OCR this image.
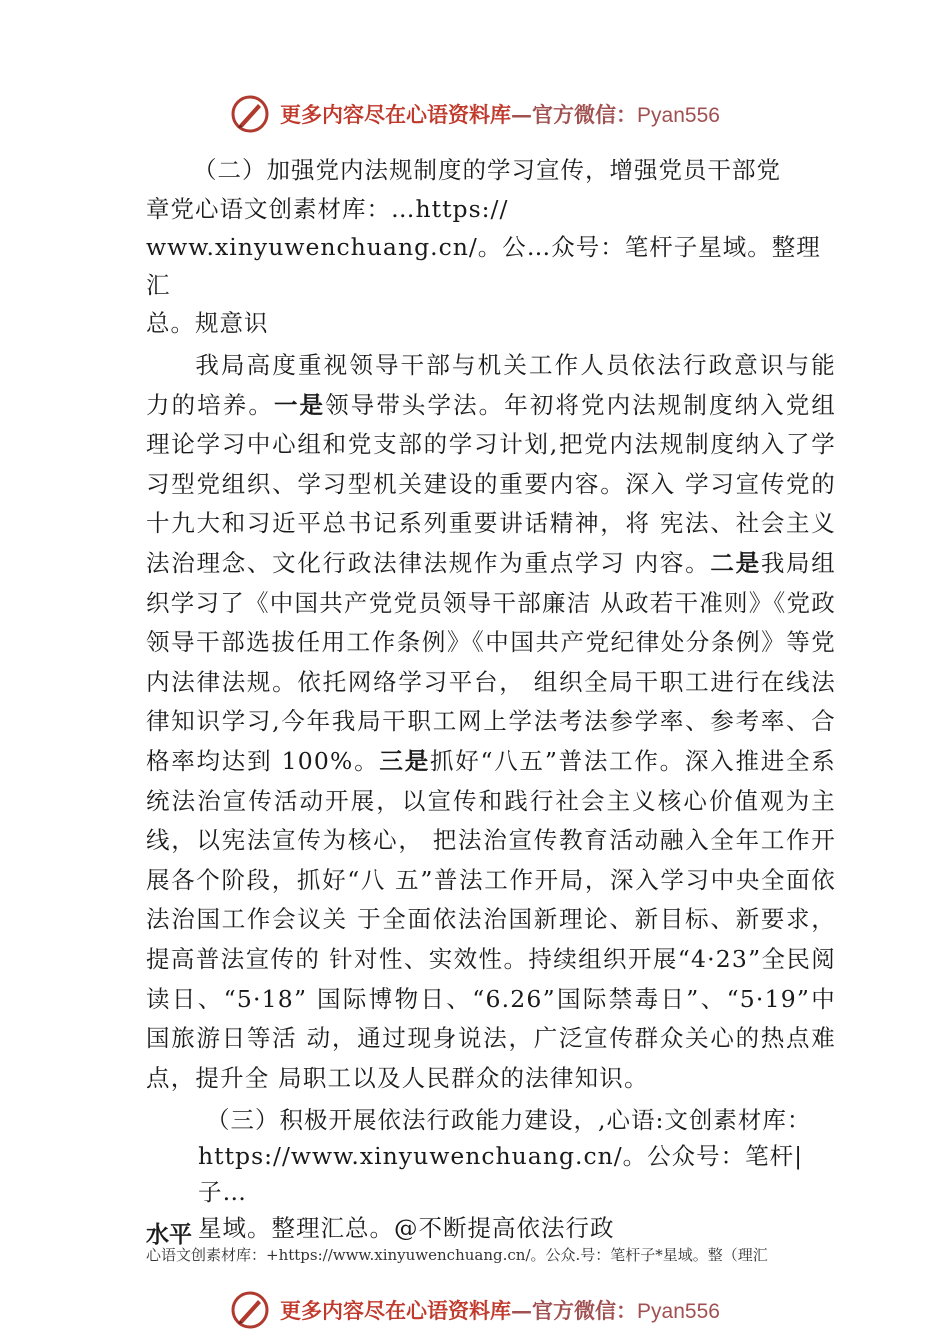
更多内容尽在心语资料库—官方微信：Pyan556
（二）加强党内法规制度的学习宣传，增强党员干部党
章党心语文创素材库：…https://
www.xinyuwenchuang.cn/。公…众号：笔杆子星域。整理汇
总。规意识
我局高度重视领导干部与机关工作人员依法行政意识与能力的培养。一是领导带头学法。年初将党内法规制度纳入党组理论学习中心组和党支部的学习计划,把党内法规制度纳入了学习型党组织、学习型机关建设的重要内容。深入 学习宣传党的十九大和习近平总书记系列重要讲话精神，将 宪法、社会主义法治理念、文化行政法律法规作为重点学习 内容。二是我局组织学习了《中国共产党党员领导干部廉洁 从政若干准则》《党政领导干部选拔任用工作条例》《中国共产党纪律处分条例》等党内法律法规。依托网络学习平台， 组织全局干职工进行在线法律知识学习,今年我局干职工网上学法考法参学率、参考率、合格率均达到 100%。三是抓好“八五”普法工作。深入推进全系统法治宣传活动开展，以宣传和践行社会主义核心价值观为主线，以宪法宣传为核心， 把法治宣传教育活动融入全年工作开展各个阶段，抓好“八 五”普法工作开局，深入学习中央全面依法治国工作会议关 于全面依法治国新理论、新目标、新要求，提高普法宣传的 针对性、实效性。持续组织开展“4·23”全民阅读日、“5·18” 国际博物日、“6.26”国际禁毒日”、“5·19”中国旅游日等活 动，通过现身说法，广泛宣传群众关心的热点难点，提升全 局职工以及人民群众的法律知识。
（三）积极开展依法行政能力建设，,心语:文创素材库：
https://www.xinyuwenchuang.cn/。公众号：笔杆|子…
星域。整理汇总。@不断提高依法行政
水平
心语文创素材库：+https://www.xinyuwenchuang.cn/。公众.号：笔杆子*星域。整（理汇
更多内容尽在心语资料库—官方微信：Pyan556
